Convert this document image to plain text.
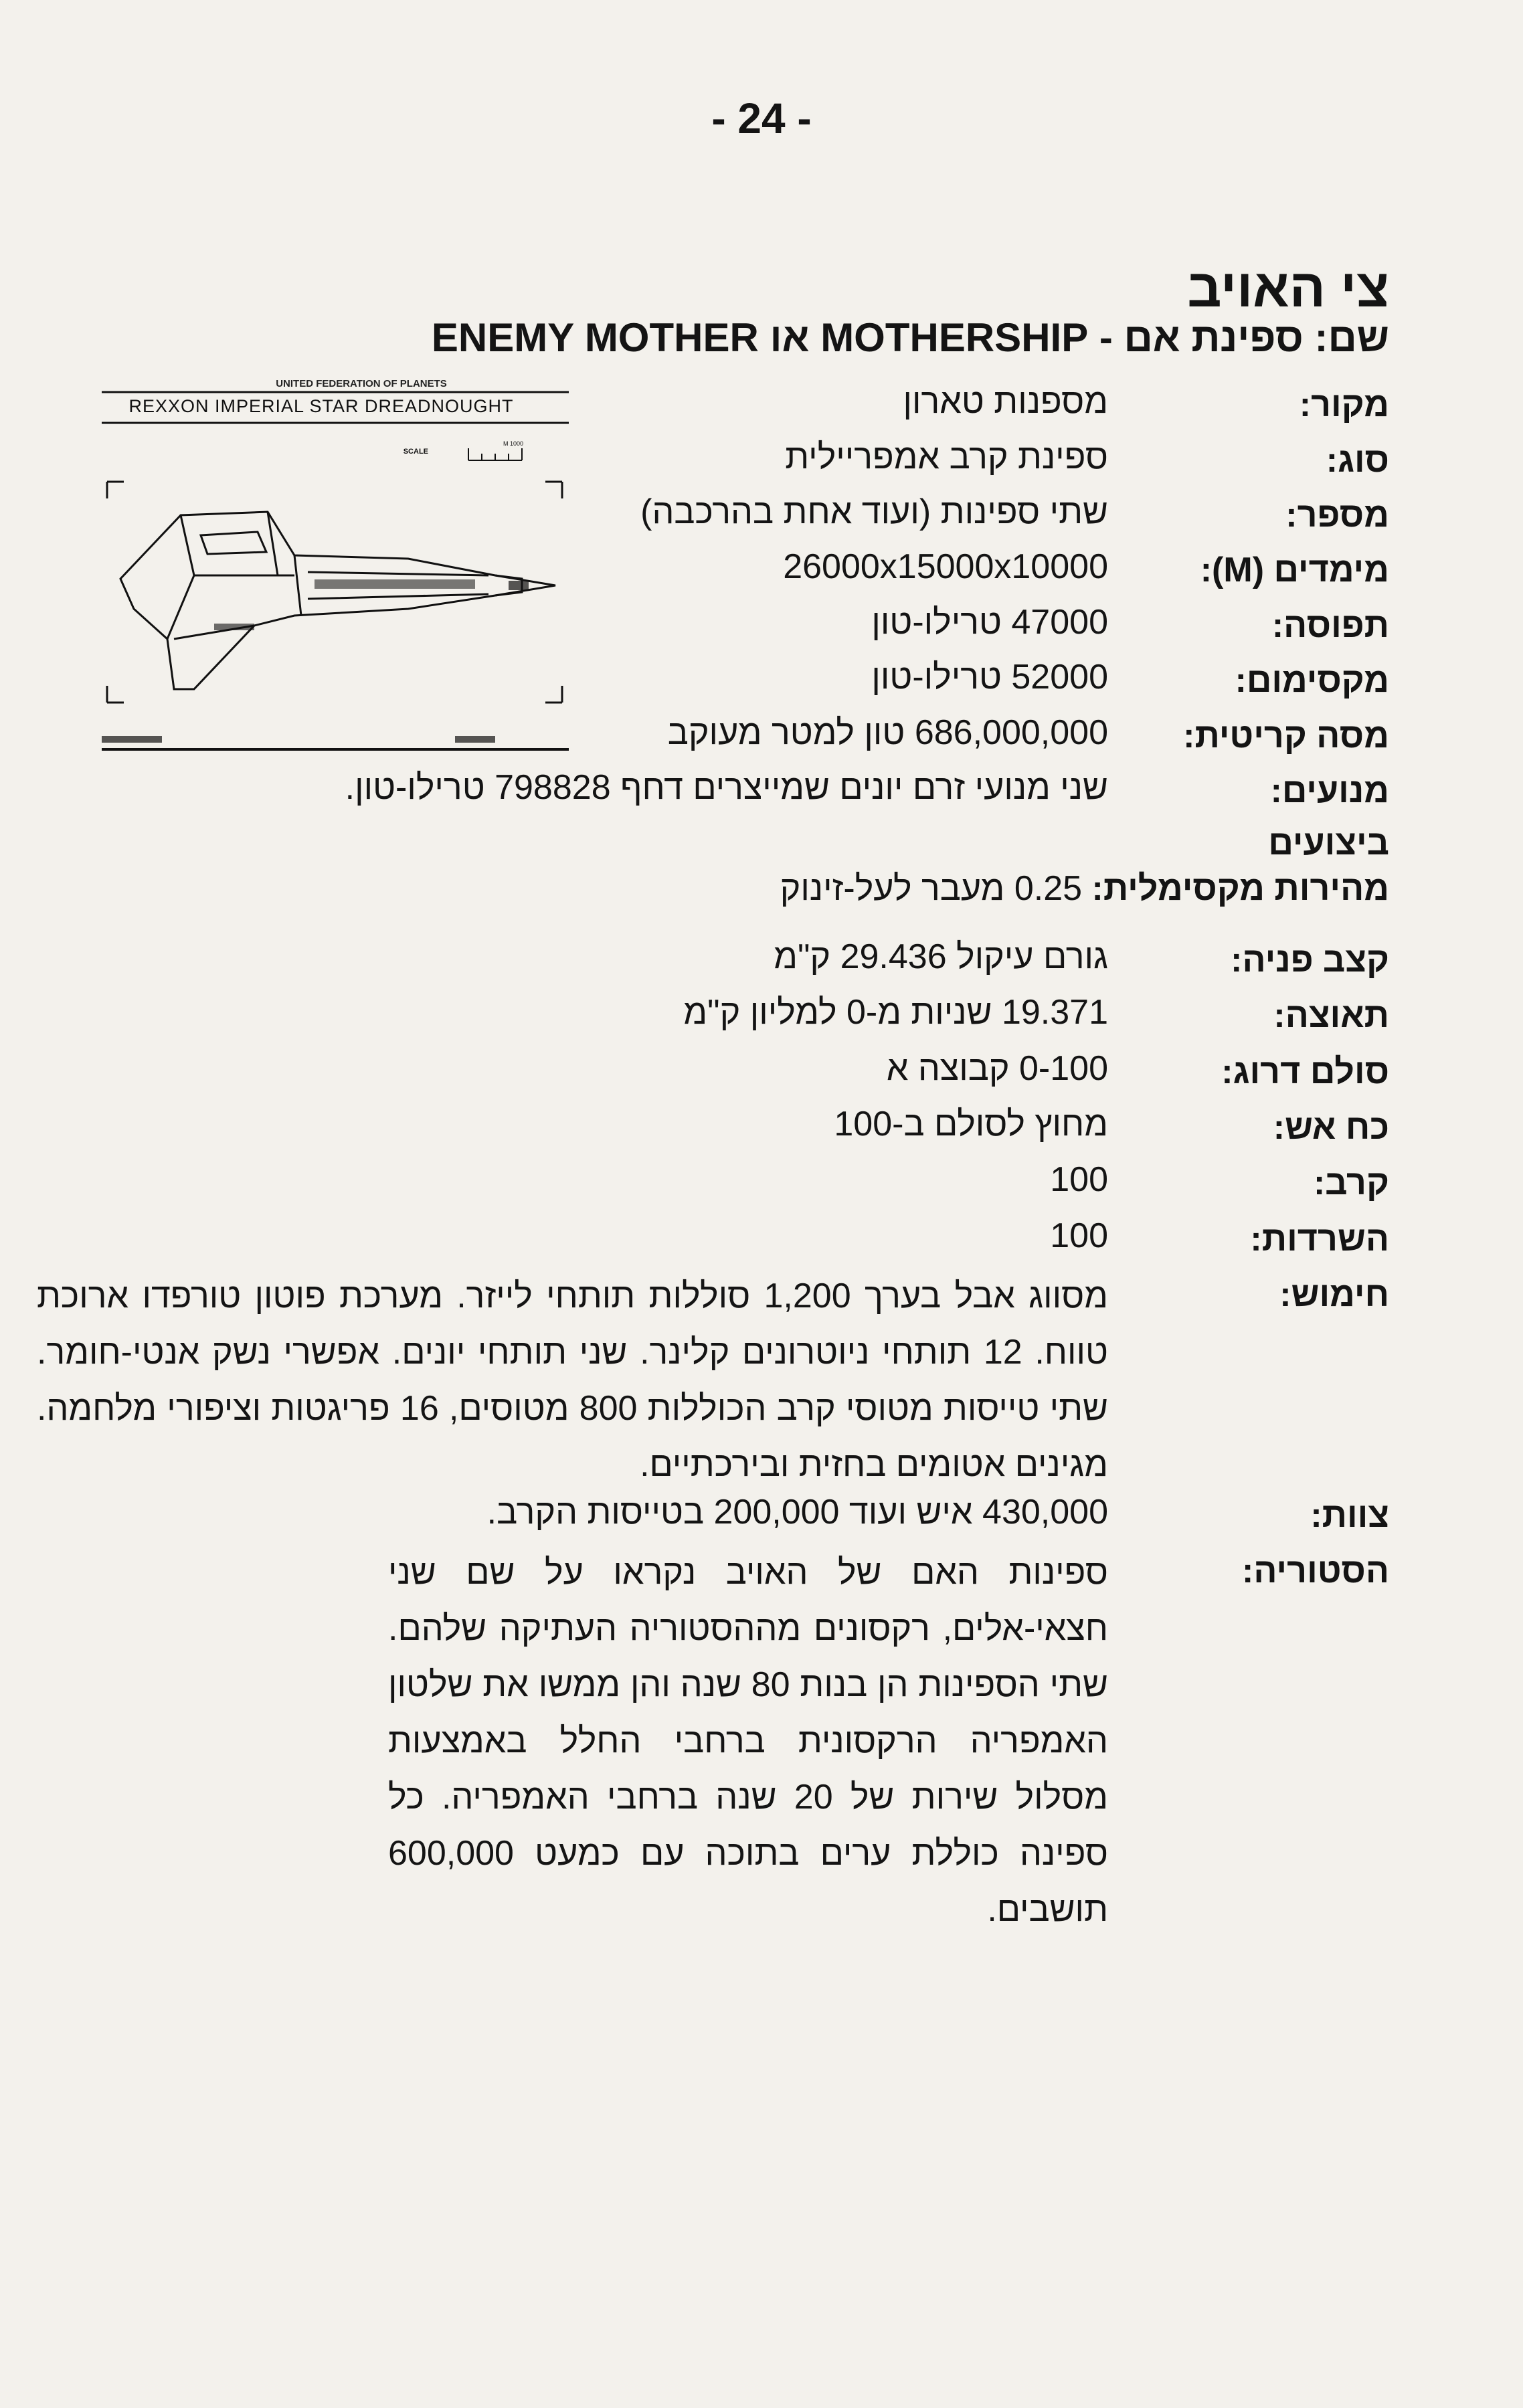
- 24 -
צי האויב
שם: ספינת אם - MOTHERSHIP או ENEMY MOTHER
מקור:
מספנות טארון
סוג:
ספינת קרב אמפריילית
מספר:
שתי ספינות (ועוד אחת בהרכבה)
מימדים (M):
26000x15000x10000
תפוסה:
47000 טרילו-טון
מקסימום:
52000 טרילו-טון
מסה קריטית:
686,000,000 טון למטר מעוקב
מנועים:
שני מנועי זרם יונים שמייצרים דחף 798828 טרילו-טון.
ביצועים
מהירות מקסימלית: 0.25 מעבר לעל-זינוק
קצב פניה:
גורם עיקול 29.436 ק"מ
תאוצה:
19.371 שניות מ-0 למליון ק"מ
סולם דרוג:
0-100 קבוצה א
כח אש:
מחוץ לסולם ב-100
קרב:
100
השרדות:
100
חימוש:
מסווג אבל בערך 1,200 סוללות תותחי לייזר. מערכת פוטון טורפדו ארוכת טווח. 12 תותחי ניוטרונים קלינר. שני תותחי יונים. אפשרי נשק אנטי-חומר. שתי טייסות מטוסי קרב הכוללות 800 מטוסים, 16 פריגטות וציפורי מלחמה. מגינים אטומים בחזית ובירכתיים.
צוות:
430,000 איש ועוד 200,000 בטייסות הקרב.
הסטוריה:
ספינות האם של האויב נקראו על שם שני חצאי-אלים, רקסונים מההסטוריה העתיקה שלהם. שתי הספינות הן בנות 80 שנה והן ממשו את שלטון האמפריה הרקסונית ברחבי החלל באמצעות מסלול שירות של 20 שנה ברחבי האמפריה. כל ספינה כוללת ערים בתוכה עם כמעט 600,000 תושבים.
UNITED FEDERATION OF PLANETS
REXXON IMPERIAL STAR DREADNOUGHT
SCALE
1000 M
